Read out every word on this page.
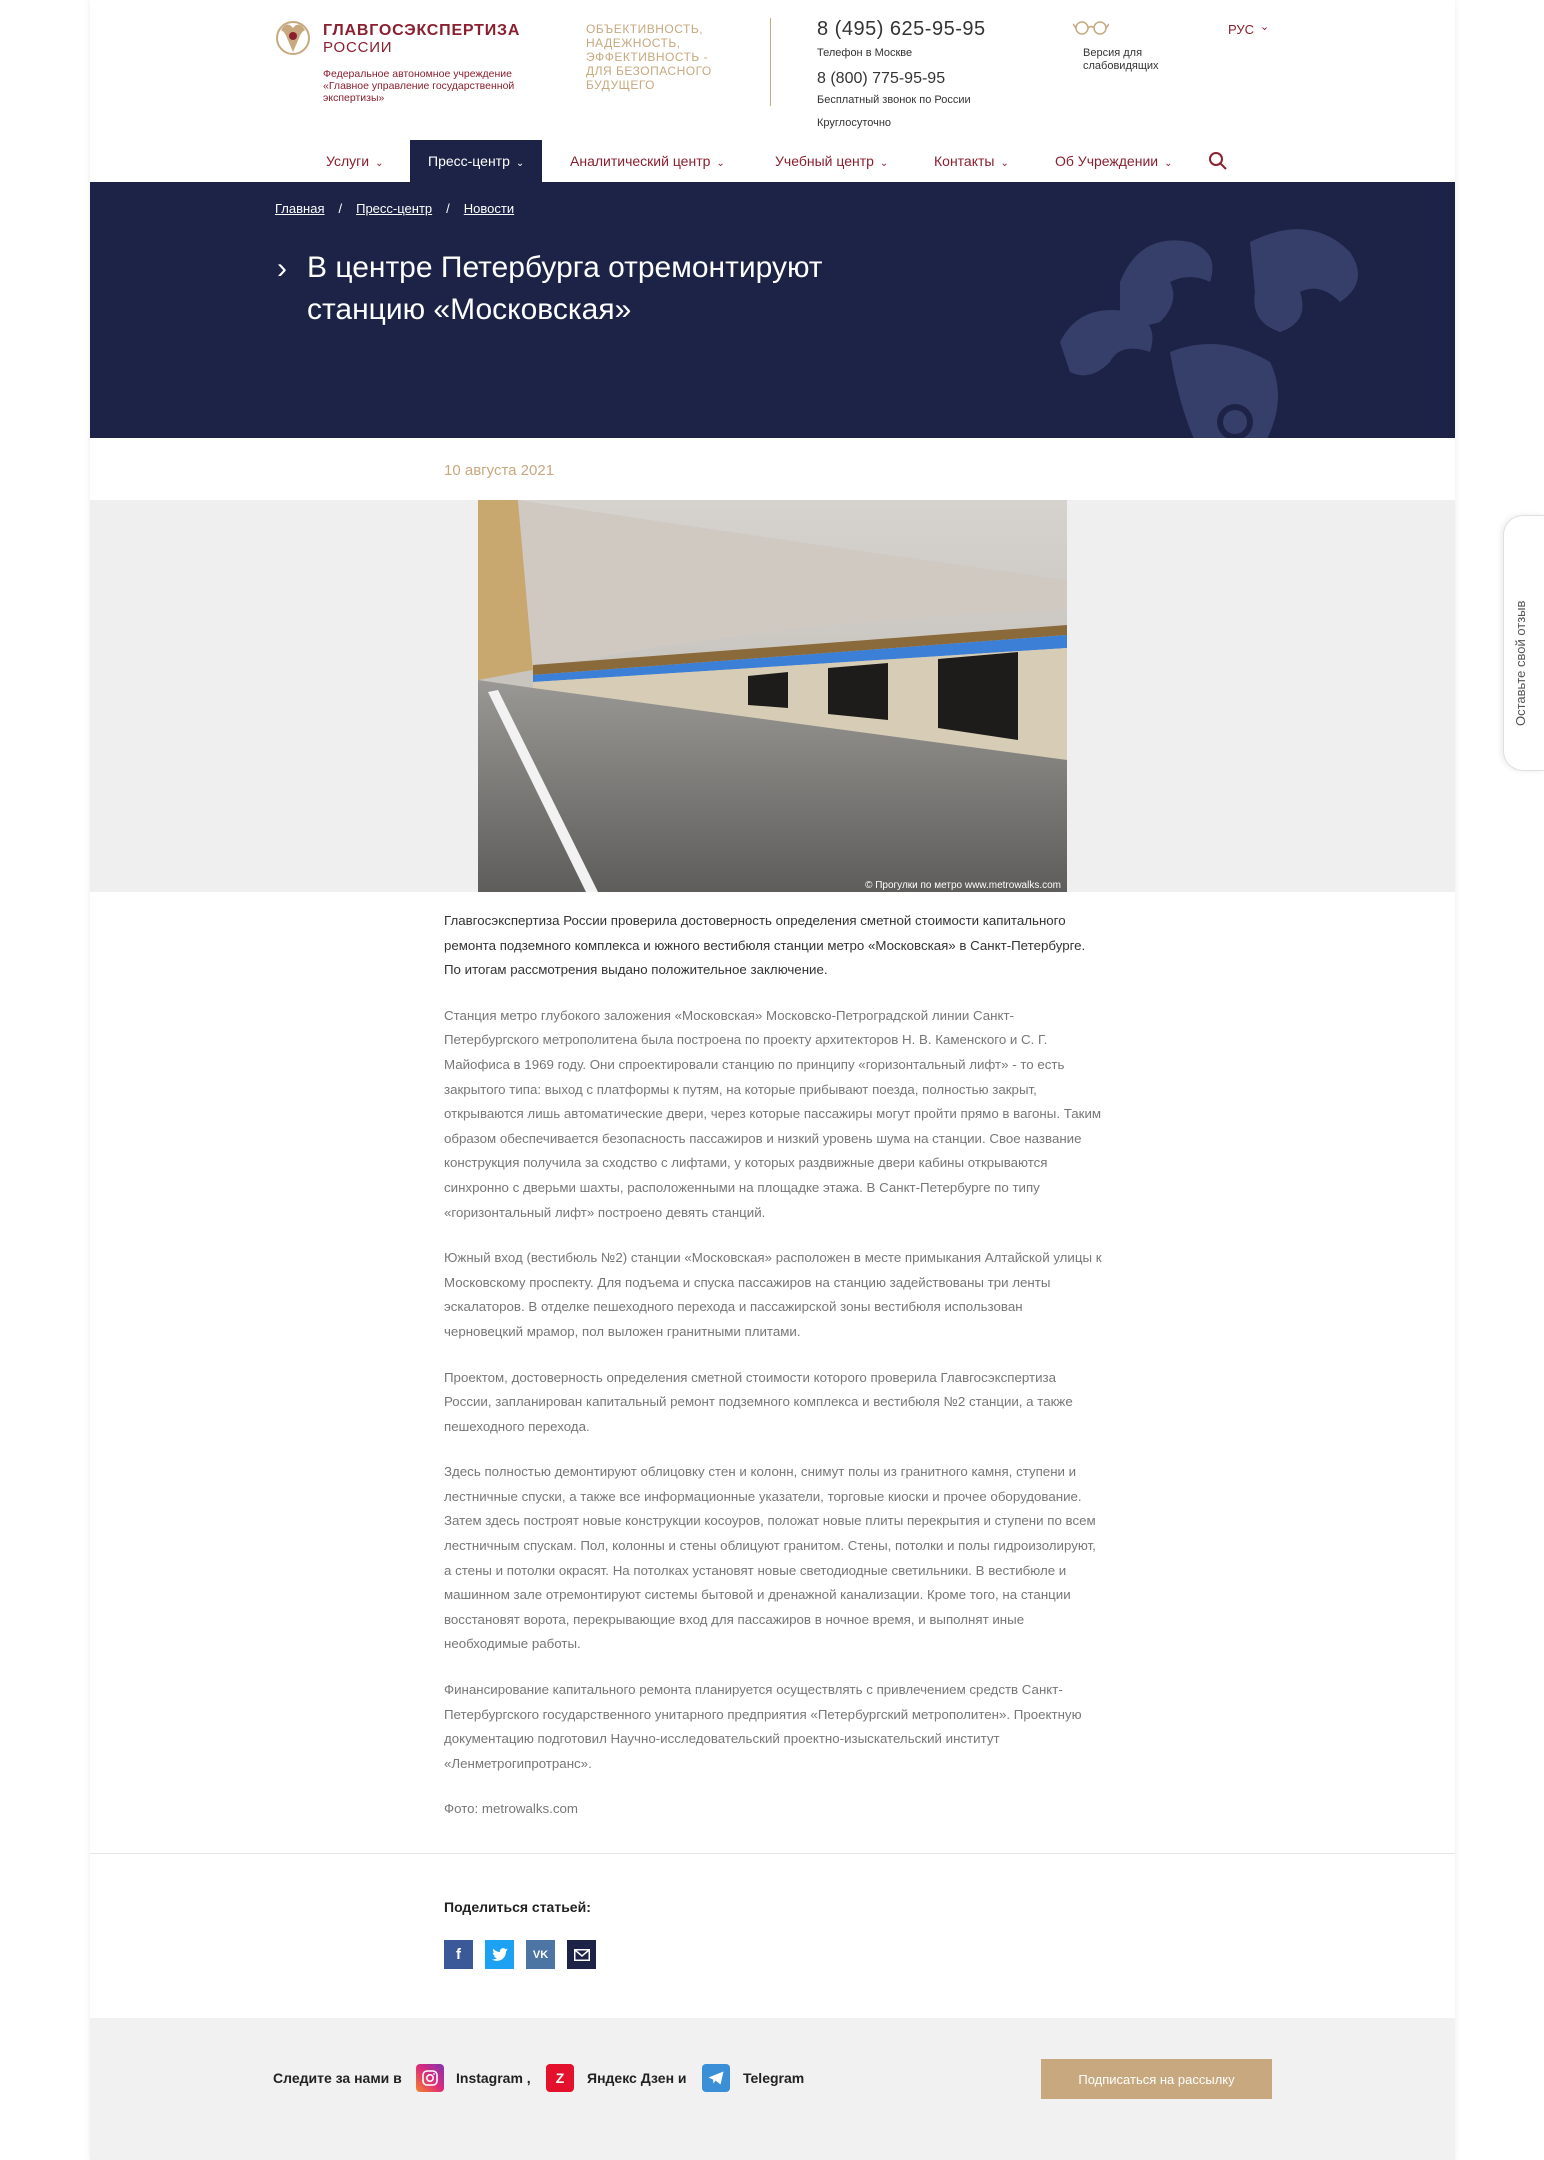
ГЛАВГОСЭКСПЕРТИЗА
РОССИИ
Федеральное автономное учреждение «Главное управление государственной экспертизы»
ОБЪЕКТИВНОСТЬ, НАДЕЖНОСТЬ, ЭФФЕКТИВНОСТЬ - ДЛЯ БЕЗОПАСНОГО БУДУЩЕГО
8 (495) 625-95-95
Телефон в Москве
8 (800) 775-95-95
Бесплатный звонок по России
Круглосуточно
Версия для слабовидящих
РУС ⌄
Услуги ⌄	Пресс-центр ⌄	Аналитический центр ⌄	Учебный центр ⌄	Контакты ⌄	Об Учреждении ⌄
Главная / Пресс-центр / Новости
› В центре Петербурга отремонтируют станцию «Московская»
10 августа 2021
© Прогулки по метро www.metrowalks.com

Главгосэкспертиза России проверила достоверность определения сметной стоимости капитального ремонта подземного комплекса и южного вестибюля станции метро «Московская» в Санкт-Петербурге. По итогам рассмотрения выдано положительное заключение.

Станция метро глубокого заложения «Московская» Московско-Петроградской линии Санкт-Петербургского метрополитена была построена по проекту архитекторов Н. В. Каменского и С. Г. Майофиса в 1969 году. Они спроектировали станцию по принципу «горизонтальный лифт» - то есть закрытого типа: выход с платформы к путям, на которые прибывают поезда, полностью закрыт, открываются лишь автоматические двери, через которые пассажиры могут пройти прямо в вагоны. Таким образом обеспечивается безопасность пассажиров и низкий уровень шума на станции. Свое название конструкция получила за сходство с лифтами, у которых раздвижные двери кабины открываются синхронно с дверьми шахты, расположенными на площадке этажа. В Санкт-Петербурге по типу «горизонтальный лифт» построено девять станций.

Южный вход (вестибюль №2) станции «Московская» расположен в месте примыкания Алтайской улицы к Московскому проспекту. Для подъема и спуска пассажиров на станцию задействованы три ленты эскалаторов. В отделке пешеходного перехода и пассажирской зоны вестибюля использован черновецкий мрамор, пол выложен гранитными плитами.

Проектом, достоверность определения сметной стоимости которого проверила Главгосэкспертиза России, запланирован капитальный ремонт подземного комплекса и вестибюля №2 станции, а также пешеходного перехода.

Здесь полностью демонтируют облицовку стен и колонн, снимут полы из гранитного камня, ступени и лестничные спуски, а также все информационные указатели, торговые киоски и прочее оборудование. Затем здесь построят новые конструкции косоуров, положат новые плиты перекрытия и ступени по всем лестничным спускам. Пол, колонны и стены облицуют гранитом. Стены, потолки и полы гидроизолируют, а стены и потолки окрасят. На потолках установят новые светодиодные светильники. В вестибюле и машинном зале отремонтируют системы бытовой и дренажной канализации. Кроме того, на станции восстановят ворота, перекрывающие вход для пассажиров в ночное время, и выполнят иные необходимые работы.

Финансирование капитального ремонта планируется осуществлять с привлечением средств Санкт-Петербургского государственного унитарного предприятия «Петербургский метрополитен». Проектную документацию подготовил Научно-исследовательский проектно-изыскательский институт «Ленметрогипротранс».

Фото: metrowalks.com

Поделиться статьей:
f	VK
Следите за нами в	Instagram ,	Z	Яндекс Дзен и	Telegram	Подписаться на рассылку
Оставьте свой отзыв
